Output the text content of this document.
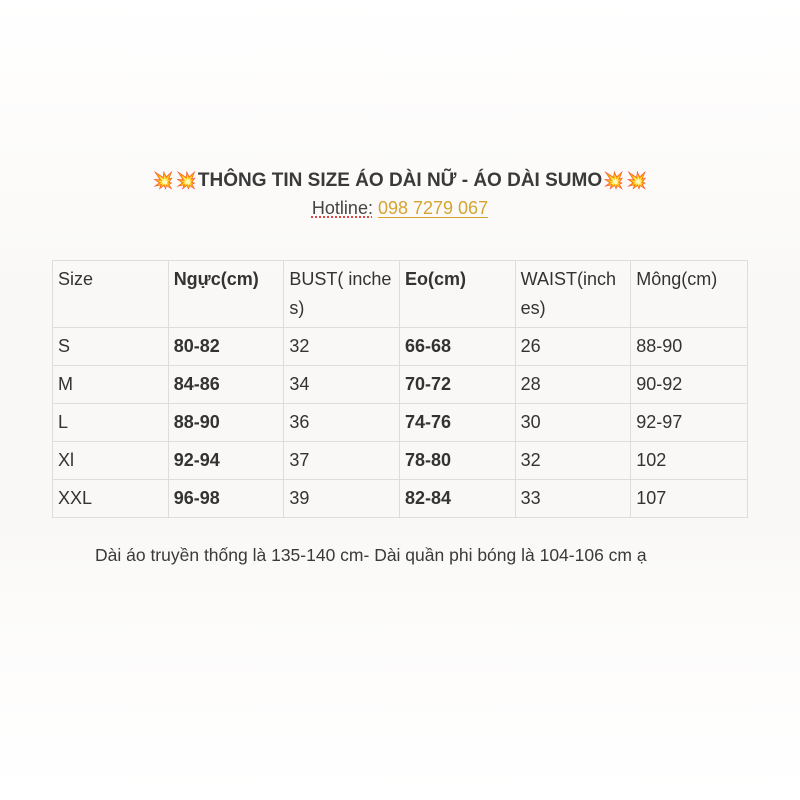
💥 💥THÔNG TIN SIZE ÁO DÀI NỮ - ÁO DÀI SUMO💥 💥
Hotline: 098 7279 067
Size	Ngực(cm)	BUST( inches)	Eo(cm)	WAIST(inches)	Mông(cm)
S	80-82	32	66-68	26	88-90
M	84-86	34	70-72	28	90-92
L	88-90	36	74-76	30	92-97
Xl	92-94	37	78-80	32	102
XXL	96-98	39	82-84	33	107
Dài áo truyền thống là 135-140 cm- Dài quần phi bóng là 104-106 cm ạ
